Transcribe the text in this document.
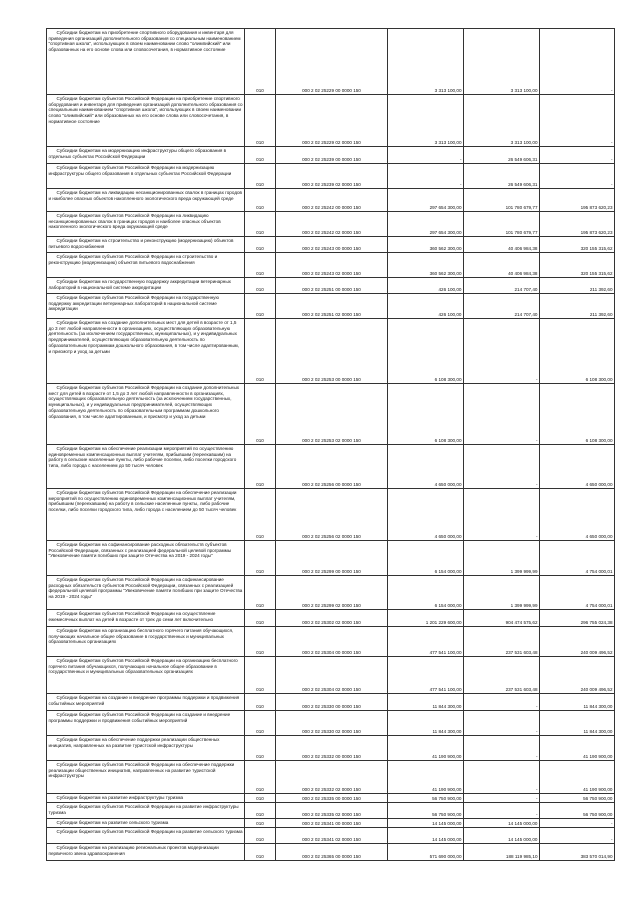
Субсидии бюджетам на приобретение спортивного оборудования и инвентаря для приведения организаций дополнительного образования со специальным наименованием "спортивная школа", использующих в своем наименовании слово "олимпийский" или образованных на его основе слова или словосочетания, в нормативное состояние	010	000 2 02 25229 00 0000 150	3 313 100,00	3 313 100,00	-
Субсидии бюджетам субъектов Российской Федерации на приобретение спортивного оборудования и инвентаря для приведения организаций дополнительного образования со специальным наименованием "спортивная школа", использующих в своем наименовании слово "олимпийский" или образованных на его основе слова или словосочетания, в нормативное состояние	010	000 2 02 25229 02 0000 150	3 313 100,00	3 313 100,00	-
Субсидии бюджетам на модернизацию инфраструктуры общего образования в отдельных субъектах Российской Федерации	010	000 2 02 25239 00 0000 150	-	26 549 606,31	-
Субсидии бюджетам субъектов Российской Федерации на модернизацию инфраструктуры общего образования в отдельных субъектах Российской Федерации	010	000 2 02 25239 02 0000 150	-	26 549 606,31	-
Субсидии бюджетам на ликвидацию несанкционированных свалок в границах городов и наиболее опасных объектов накопленного экологического вреда окружающей среде	010	000 2 02 25242 00 0000 150	297 654 300,00	101 780 679,77	195 873 620,23
Субсидии бюджетам субъектов Российской Федерации на ликвидацию несанкционированных свалок в границах городов и наиболее опасных объектов накопленного экологического вреда окружающей среде	010	000 2 02 25242 02 0000 150	297 654 300,00	101 780 679,77	195 873 620,23
Субсидии бюджетам на строительство и реконструкцию (модернизацию) объектов питьевого водоснабжения	010	000 2 02 25243 00 0000 150	360 562 300,00	40 406 984,38	320 155 315,62
Субсидии бюджетам субъектов Российской Федерации на строительство и реконструкцию (модернизацию) объектов питьевого водоснабжения	010	000 2 02 25243 02 0000 150	360 562 300,00	40 406 984,38	320 155 315,62
Субсидии бюджетам на государственную поддержку аккредитации ветеринарных лабораторий в национальной системе аккредитации	010	000 2 02 25251 00 0000 150	426 100,00	214 707,40	211 392,60
Субсидии бюджетам субъектов Российской Федерации на государственную поддержку аккредитации ветеринарных лабораторий в национальной системе аккредитации	010	000 2 02 25251 02 0000 150	426 100,00	214 707,40	211 392,60
Субсидии бюджетам на создание дополнительных мест для детей в возрасте от 1,5 до 3 лет любой направленности в организациях, осуществляющих образовательную деятельность (за исключением государственных, муниципальных), и у индивидуальных предпринимателей, осуществляющих образовательную деятельность по образовательным программам дошкольного образования, в том числе адаптированным, и присмотр и уход за детьми	010	000 2 02 25253 00 0000 150	6 108 300,00	-	6 108 300,00
Субсидии бюджетам субъектов Российской Федерации на создание дополнительных мест для детей в возрасте от 1,5 до 3 лет любой направленности в организациях, осуществляющих образовательную деятельность (за исключением государственных, муниципальных), и у индивидуальных предпринимателей, осуществляющих образовательную деятельность по образовательным программам дошкольного образования, в том числе адаптированным, и присмотр и уход за детьми	010	000 2 02 25253 02 0000 150	6 108 300,00	-	6 108 300,00
Субсидии бюджетам на обеспечение реализации мероприятий по осуществлению единовременных компенсационных выплат учителям, прибывшим (переехавшим) на работу в сельские населенные пункты, либо рабочие поселки, либо поселки городского типа, либо города с населением до 50 тысяч человек	010	000 2 02 25256 00 0000 150	4 650 000,00	-	4 650 000,00
Субсидии бюджетам субъектов Российской Федерации на обеспечение реализации мероприятий по осуществлению единовременных компенсационных выплат учителям, прибывшим (переехавшим) на работу в сельские населенные пункты, либо рабочие поселки, либо поселки городского типа, либо города с населением до 50 тысяч человек	010	000 2 02 25256 02 0000 150	4 650 000,00	-	4 650 000,00
Субсидии бюджетам на софинансирование расходных обязательств субъектов Российской Федерации, связанных с реализацией федеральной целевой программы "Увековечение памяти погибших при защите Отечества на 2019 - 2024 годы"	010	000 2 02 25299 00 0000 150	6 154 000,00	1 399 999,99	4 754 000,01
Субсидии бюджетам субъектов Российской Федерации на софинансирование расходных обязательств субъектов Российской Федерации, связанных с реализацией федеральной целевой программы "Увековечение памяти погибших при защите Отечества на 2019 - 2024 годы"	010	000 2 02 25299 02 0000 150	6 154 000,00	1 399 999,99	4 754 000,01
Субсидии бюджетам субъектов Российской Федерации на осуществление ежемесячных выплат на детей в возрасте от трех до семи лет включительно	010	000 2 02 25302 02 0000 150	1 201 229 600,00	904 474 575,62	296 755 024,38
Субсидии бюджетам на организацию бесплатного горячего питания обучающихся, получающих начальное общее образование в государственных и муниципальных образовательных организациях	010	000 2 02 25304 00 0000 150	477 541 100,00	237 531 603,48	240 009 496,52
Субсидии бюджетам субъектов Российской Федерации на организацию бесплатного горячего питания обучающихся, получающих начальное общее образование в государственных и муниципальных образовательных организациях	010	000 2 02 25304 02 0000 150	477 541 100,00	237 531 603,48	240 009 496,52
Субсидии бюджетам на создание и внедрение программы поддержки и продвижения событийных мероприятий	010	000 2 02 25330 00 0000 150	11 844 300,00	-	11 844 300,00
Субсидии бюджетам субъектов Российской Федерации на создание и внедрение программы поддержки и продвижения событийных мероприятий	010	000 2 02 25330 02 0000 150	11 844 300,00	-	11 844 300,00
Субсидии бюджетам на обеспечение поддержки реализации общественных инициатив, направленных на развитие туристской инфраструктуры	010	000 2 02 25332 00 0000 150	41 190 900,00	-	41 190 900,00
Субсидии бюджетам субъектов Российской Федерации на обеспечение поддержки реализации общественных инициатив, направленных на развитие туристской инфраструктуры	010	000 2 02 25332 02 0000 150	41 190 900,00	-	41 190 900,00
Субсидии бюджетам на развитие инфраструктуры туризма	010	000 2 02 25335 00 0000 150	56 750 900,00	-	56 750 900,00
Субсидии бюджетам субъектов Российской Федерации на развитие инфраструктуры туризма	010	000 2 02 25335 02 0000 150	56 750 900,00	-	56 750 900,00
Субсидии бюджетам на развитие сельского туризма	010	000 2 02 25341 00 0000 150	14 145 000,00	14 145 000,00	-
Субсидии бюджетам субъектов Российской Федерации на развитие сельского туризма	010	000 2 02 25341 02 0000 150	14 145 000,00	14 145 000,00	-
Субсидии бюджетам на реализацию региональных проектов модернизации первичного звена здравоохранения	010	000 2 02 25365 00 0000 150	571 690 000,00	188 119 985,10	383 570 014,90
